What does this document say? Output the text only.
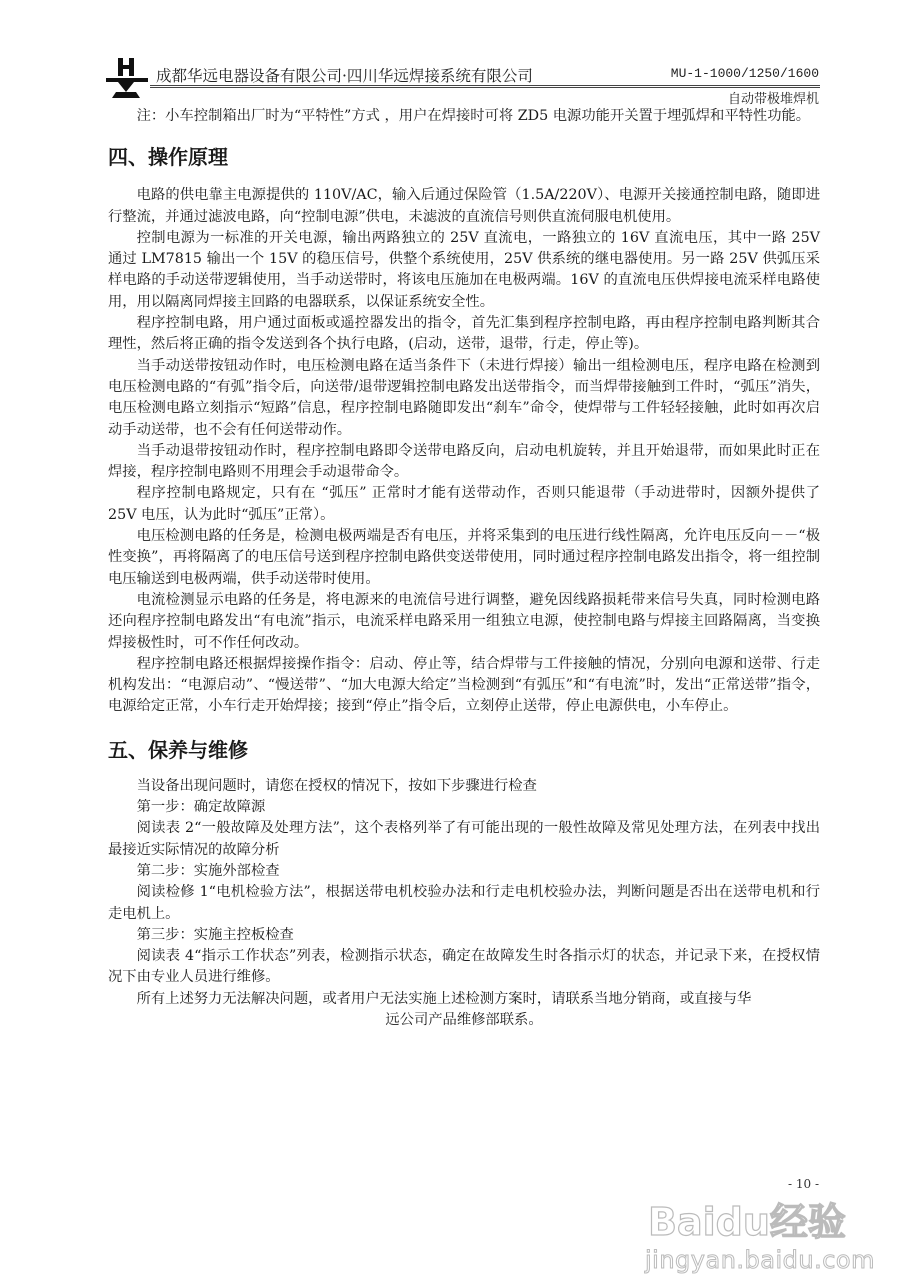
成都华远电器设备有限公司·四川华远焊接系统有限公司	MU-1-1000/1250/1600
自动带极堆焊机

注：小车控制箱出厂时为“平特性”方式 ，用户在焊接时可将 ZD5 电源功能开关置于埋弧焊和平特性功能。

四、操作原理

电路的供电靠主电源提供的 110V/AC，输入后通过保险管（1.5A/220V）、电源开关接通控制电路，随即进行整流，并通过滤波电路，向“控制电源”供电，未滤波的直流信号则供直流伺服电机使用。

控制电源为一标准的开关电源，输出两路独立的 25V 直流电，一路独立的 16V 直流电压，其中一路 25V 通过 LM7815 输出一个 15V 的稳压信号，供整个系统使用，25V 供系统的继电器使用。另一路 25V 供弧压采样电路的手动送带逻辑使用，当手动送带时，将该电压施加在电极两端。16V 的直流电压供焊接电流采样电路使用，用以隔离同焊接主回路的电器联系，以保证系统安全性。

程序控制电路，用户通过面板或遥控器发出的指令，首先汇集到程序控制电路，再由程序控制电路判断其合理性，然后将正确的指令发送到各个执行电路，(启动，送带，退带，行走，停止等)。

当手动送带按钮动作时，电压检测电路在适当条件下（未进行焊接）输出一组检测电压，程序电路在检测到电压检测电路的“有弧”指令后，向送带/退带逻辑控制电路发出送带指令，而当焊带接触到工件时，“弧压”消失，电压检测电路立刻指示“短路”信息，程序控制电路随即发出“刹车”命令，使焊带与工件轻轻接触，此时如再次启动手动送带，也不会有任何送带动作。

当手动退带按钮动作时，程序控制电路即令送带电路反向，启动电机旋转，并且开始退带，而如果此时正在焊接，程序控制电路则不用理会手动退带命令。

程序控制电路规定，只有在 “弧压” 正常时才能有送带动作，否则只能退带（手动进带时，因额外提供了 25V 电压，认为此时“弧压”正常）。

电压检测电路的任务是，检测电极两端是否有电压，并将采集到的电压进行线性隔离，允许电压反向－－“极性变换”，再将隔离了的电压信号送到程序控制电路供变送带使用，同时通过程序控制电路发出指令，将一组控制电压输送到电极两端，供手动送带时使用。

电流检测显示电路的任务是，将电源来的电流信号进行调整，避免因线路损耗带来信号失真，同时检测电路还向程序控制电路发出“有电流”指示，电流采样电路采用一组独立电源，使控制电路与焊接主回路隔离，当变换焊接极性时，可不作任何改动。

程序控制电路还根据焊接操作指令：启动、停止等，结合焊带与工件接触的情况，分别向电源和送带、行走机构发出：“电源启动”、“慢送带”、“加大电源大给定”当检测到“有弧压”和“有电流”时，发出“正常送带”指令，电源给定正常，小车行走开始焊接；接到“停止”指令后，立刻停止送带，停止电源供电，小车停止。

五、保养与维修

当设备出现问题时，请您在授权的情况下，按如下步骤进行检查

第一步：确定故障源

阅读表 2“一般故障及处理方法”，这个表格列举了有可能出现的一般性故障及常见处理方法，在列表中找出最接近实际情况的故障分析

第二步：实施外部检查

阅读检修 1“电机检验方法”，根据送带电机校验办法和行走电机校验办法，判断问题是否出在送带电机和行走电机上。

第三步：实施主控板检查

阅读表 4“指示工作状态”列表，检测指示状态，确定在故障发生时各指示灯的状态，并记录下来，在授权情况下由专业人员进行维修。

所有上述努力无法解决问题，或者用户无法实施上述检测方案时，请联系当地分销商，或直接与华

远公司产品维修部联系。

- 10 -
Baidu经验
jingyan.baidu.com
